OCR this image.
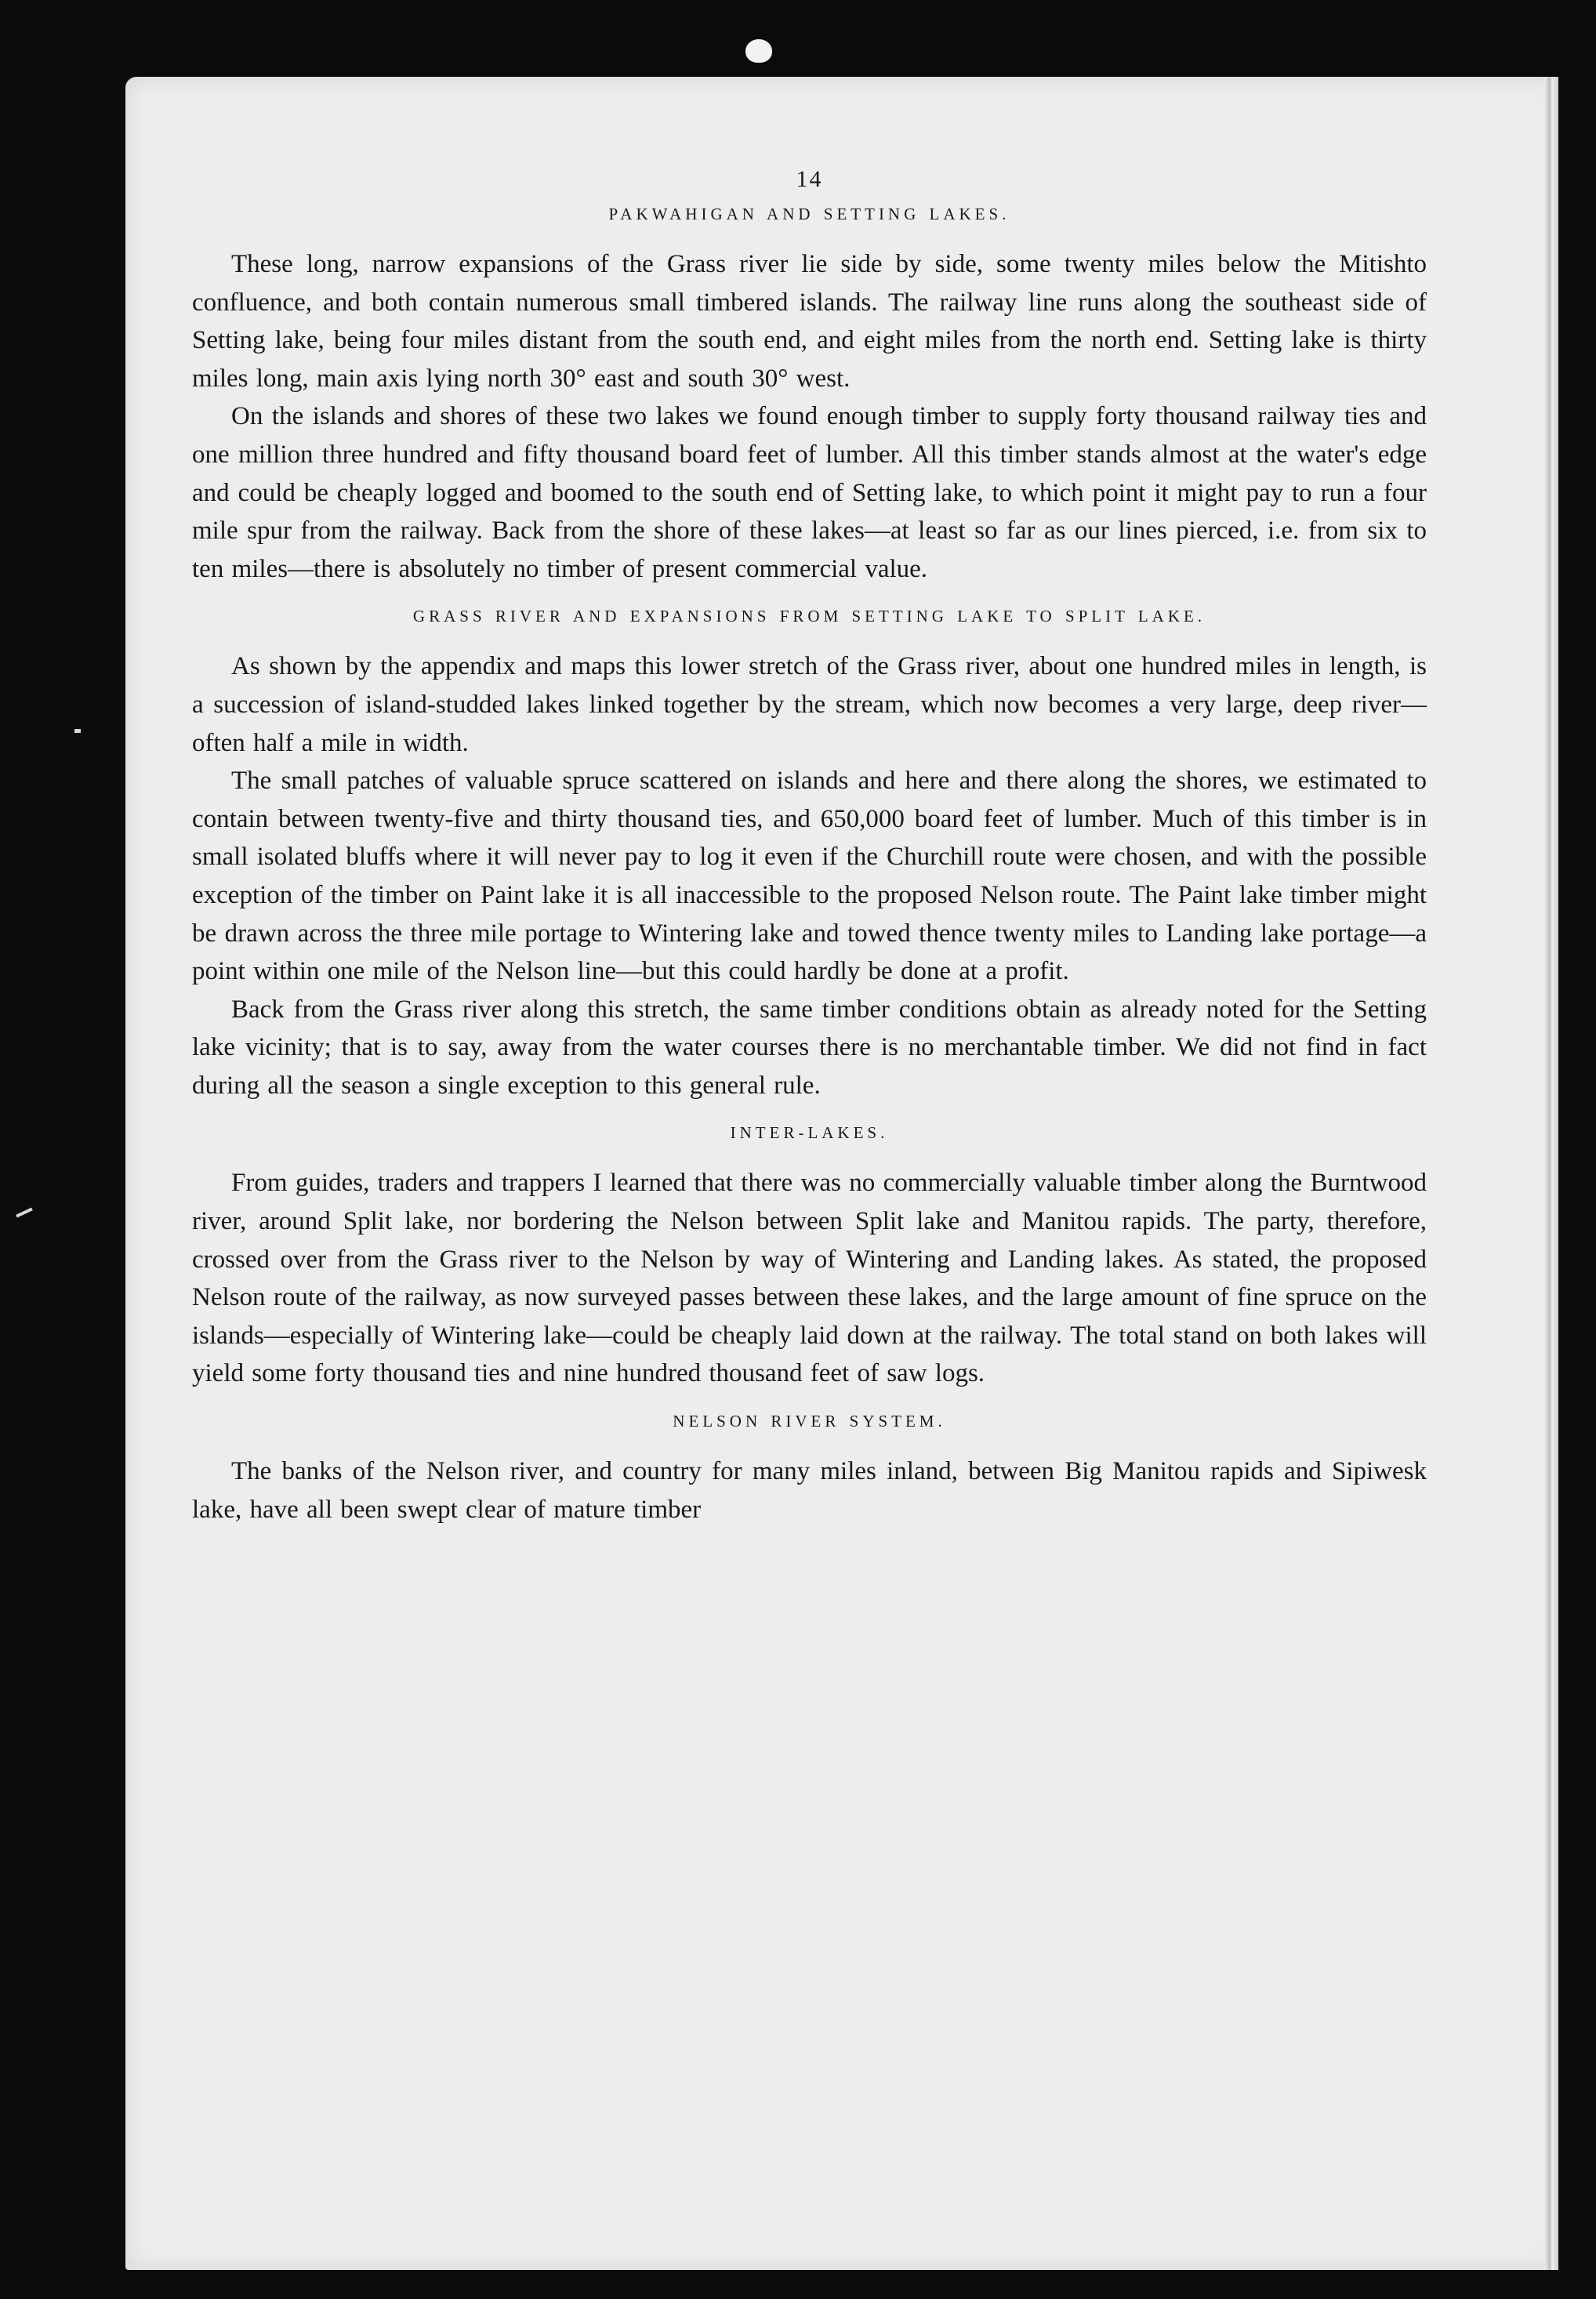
14
PAKWAHIGAN AND SETTING LAKES.

These long, narrow expansions of the Grass river lie side by side, some twenty miles below the Mitishto confluence, and both contain numerous small timbered islands. The railway line runs along the southeast side of Setting lake, being four miles distant from the south end, and eight miles from the north end. Setting lake is thirty miles long, main axis lying north 30° east and south 30° west.

On the islands and shores of these two lakes we found enough timber to supply forty thousand railway ties and one million three hundred and fifty thousand board feet of lumber. All this timber stands almost at the water's edge and could be cheaply logged and boomed to the south end of Setting lake, to which point it might pay to run a four mile spur from the railway. Back from the shore of these lakes—at least so far as our lines pierced, i.e. from six to ten miles—there is absolutely no timber of present commercial value.

GRASS RIVER AND EXPANSIONS FROM SETTING LAKE TO SPLIT LAKE.

As shown by the appendix and maps this lower stretch of the Grass river, about one hundred miles in length, is a succession of island-studded lakes linked together by the stream, which now becomes a very large, deep river—often half a mile in width.

The small patches of valuable spruce scattered on islands and here and there along the shores, we estimated to contain between twenty-five and thirty thousand ties, and 650,000 board feet of lumber. Much of this timber is in small isolated bluffs where it will never pay to log it even if the Churchill route were chosen, and with the possible exception of the timber on Paint lake it is all inaccessible to the proposed Nelson route. The Paint lake timber might be drawn across the three mile portage to Wintering lake and towed thence twenty miles to Landing lake portage—a point within one mile of the Nelson line—but this could hardly be done at a profit.

Back from the Grass river along this stretch, the same timber conditions obtain as already noted for the Setting lake vicinity; that is to say, away from the water courses there is no merchantable timber. We did not find in fact during all the season a single exception to this general rule.

INTER-LAKES.

From guides, traders and trappers I learned that there was no commercially valuable timber along the Burntwood river, around Split lake, nor bordering the Nelson between Split lake and Manitou rapids. The party, therefore, crossed over from the Grass river to the Nelson by way of Wintering and Landing lakes. As stated, the proposed Nelson route of the railway, as now surveyed passes between these lakes, and the large amount of fine spruce on the islands—especially of Wintering lake—could be cheaply laid down at the railway. The total stand on both lakes will yield some forty thousand ties and nine hundred thousand feet of saw logs.

NELSON RIVER SYSTEM.

The banks of the Nelson river, and country for many miles inland, between Big Manitou rapids and Sipiwesk lake, have all been swept clear of mature timber
